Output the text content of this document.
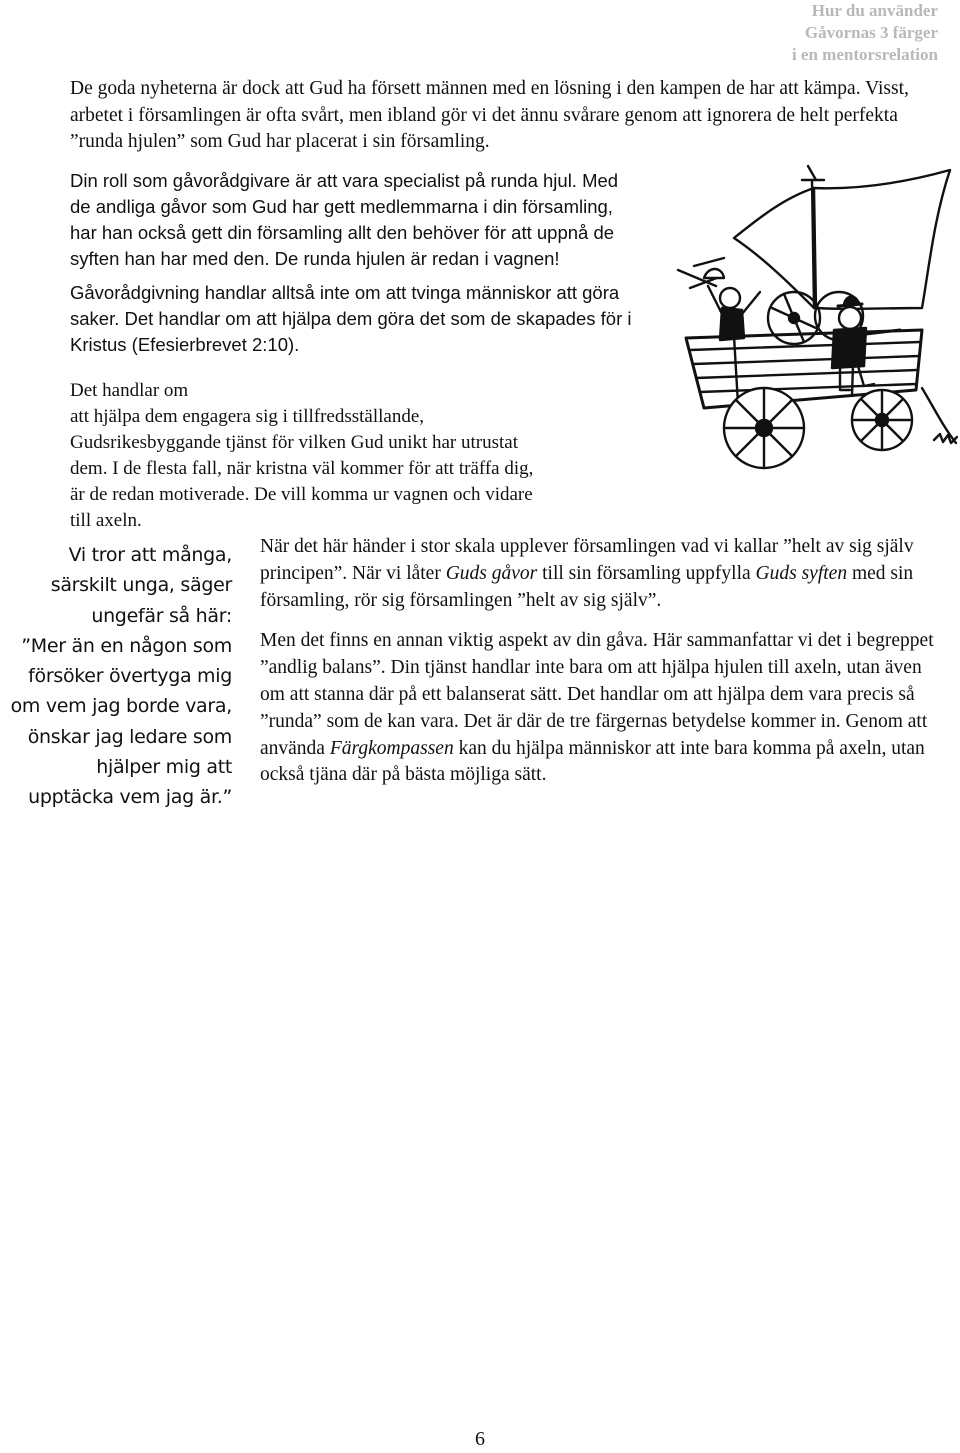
Hur du använder
Gåvornas 3 färger
i en mentorsrelation

De goda nyheterna är dock att Gud ha försett männen med en lösning i den kampen de har att kämpa. Visst, arbetet i församlingen är ofta svårt, men ibland gör vi det ännu svårare genom att ignorera de helt perfekta ”runda hjulen” som Gud har placerat i sin församling.

Din roll som gåvorådgivare är att vara specialist på runda hjul. Med de andliga gåvor som Gud har gett medlemmarna i din församling, har han också gett din församling allt den behöver för att uppnå de syften han har med den. De runda hjulen är redan i vagnen!

Gåvorådgivning handlar alltså inte om att tvinga människor att göra saker. Det handlar om att hjälpa dem göra det som de skapades för i Kristus (Efesierbrevet 2:10).

Det handlar om
att hjälpa dem engagera sig i tillfredsställande,
Gudsrikesbyggande tjänst för vilken Gud unikt har utrustat
dem. I de flesta fall, när kristna väl kommer för att träffa dig,
är de redan motiverade. De vill komma ur vagnen och vidare
till axeln.
Vi tror att många,
särskilt unga, säger
ungefär så här:
”Mer än en någon som
försöker övertyga mig
om vem jag borde vara,
önskar jag ledare som
hjälper mig att
upptäcka vem jag är.”

När det här händer i stor skala upplever församlingen vad vi kallar ”helt av sig själv principen”. När vi låter Guds gåvor till sin församling uppfylla Guds syften med sin församling, rör sig församlingen ”helt av sig själv”.

Men det finns en annan viktig aspekt av din gåva. Här sammanfattar vi det i begreppet ”andlig balans”. Din tjänst handlar inte bara om att hjälpa hjulen till axeln, utan även om att stanna där på ett balanserat sätt. Det handlar om att hjälpa dem vara precis så ”runda” som de kan vara. Det är där de tre färgernas betydelse kommer in. Genom att använda Färgkompassen kan du hjälpa människor att inte bara komma på axeln, utan också tjäna där på bästa möjliga sätt.

6
